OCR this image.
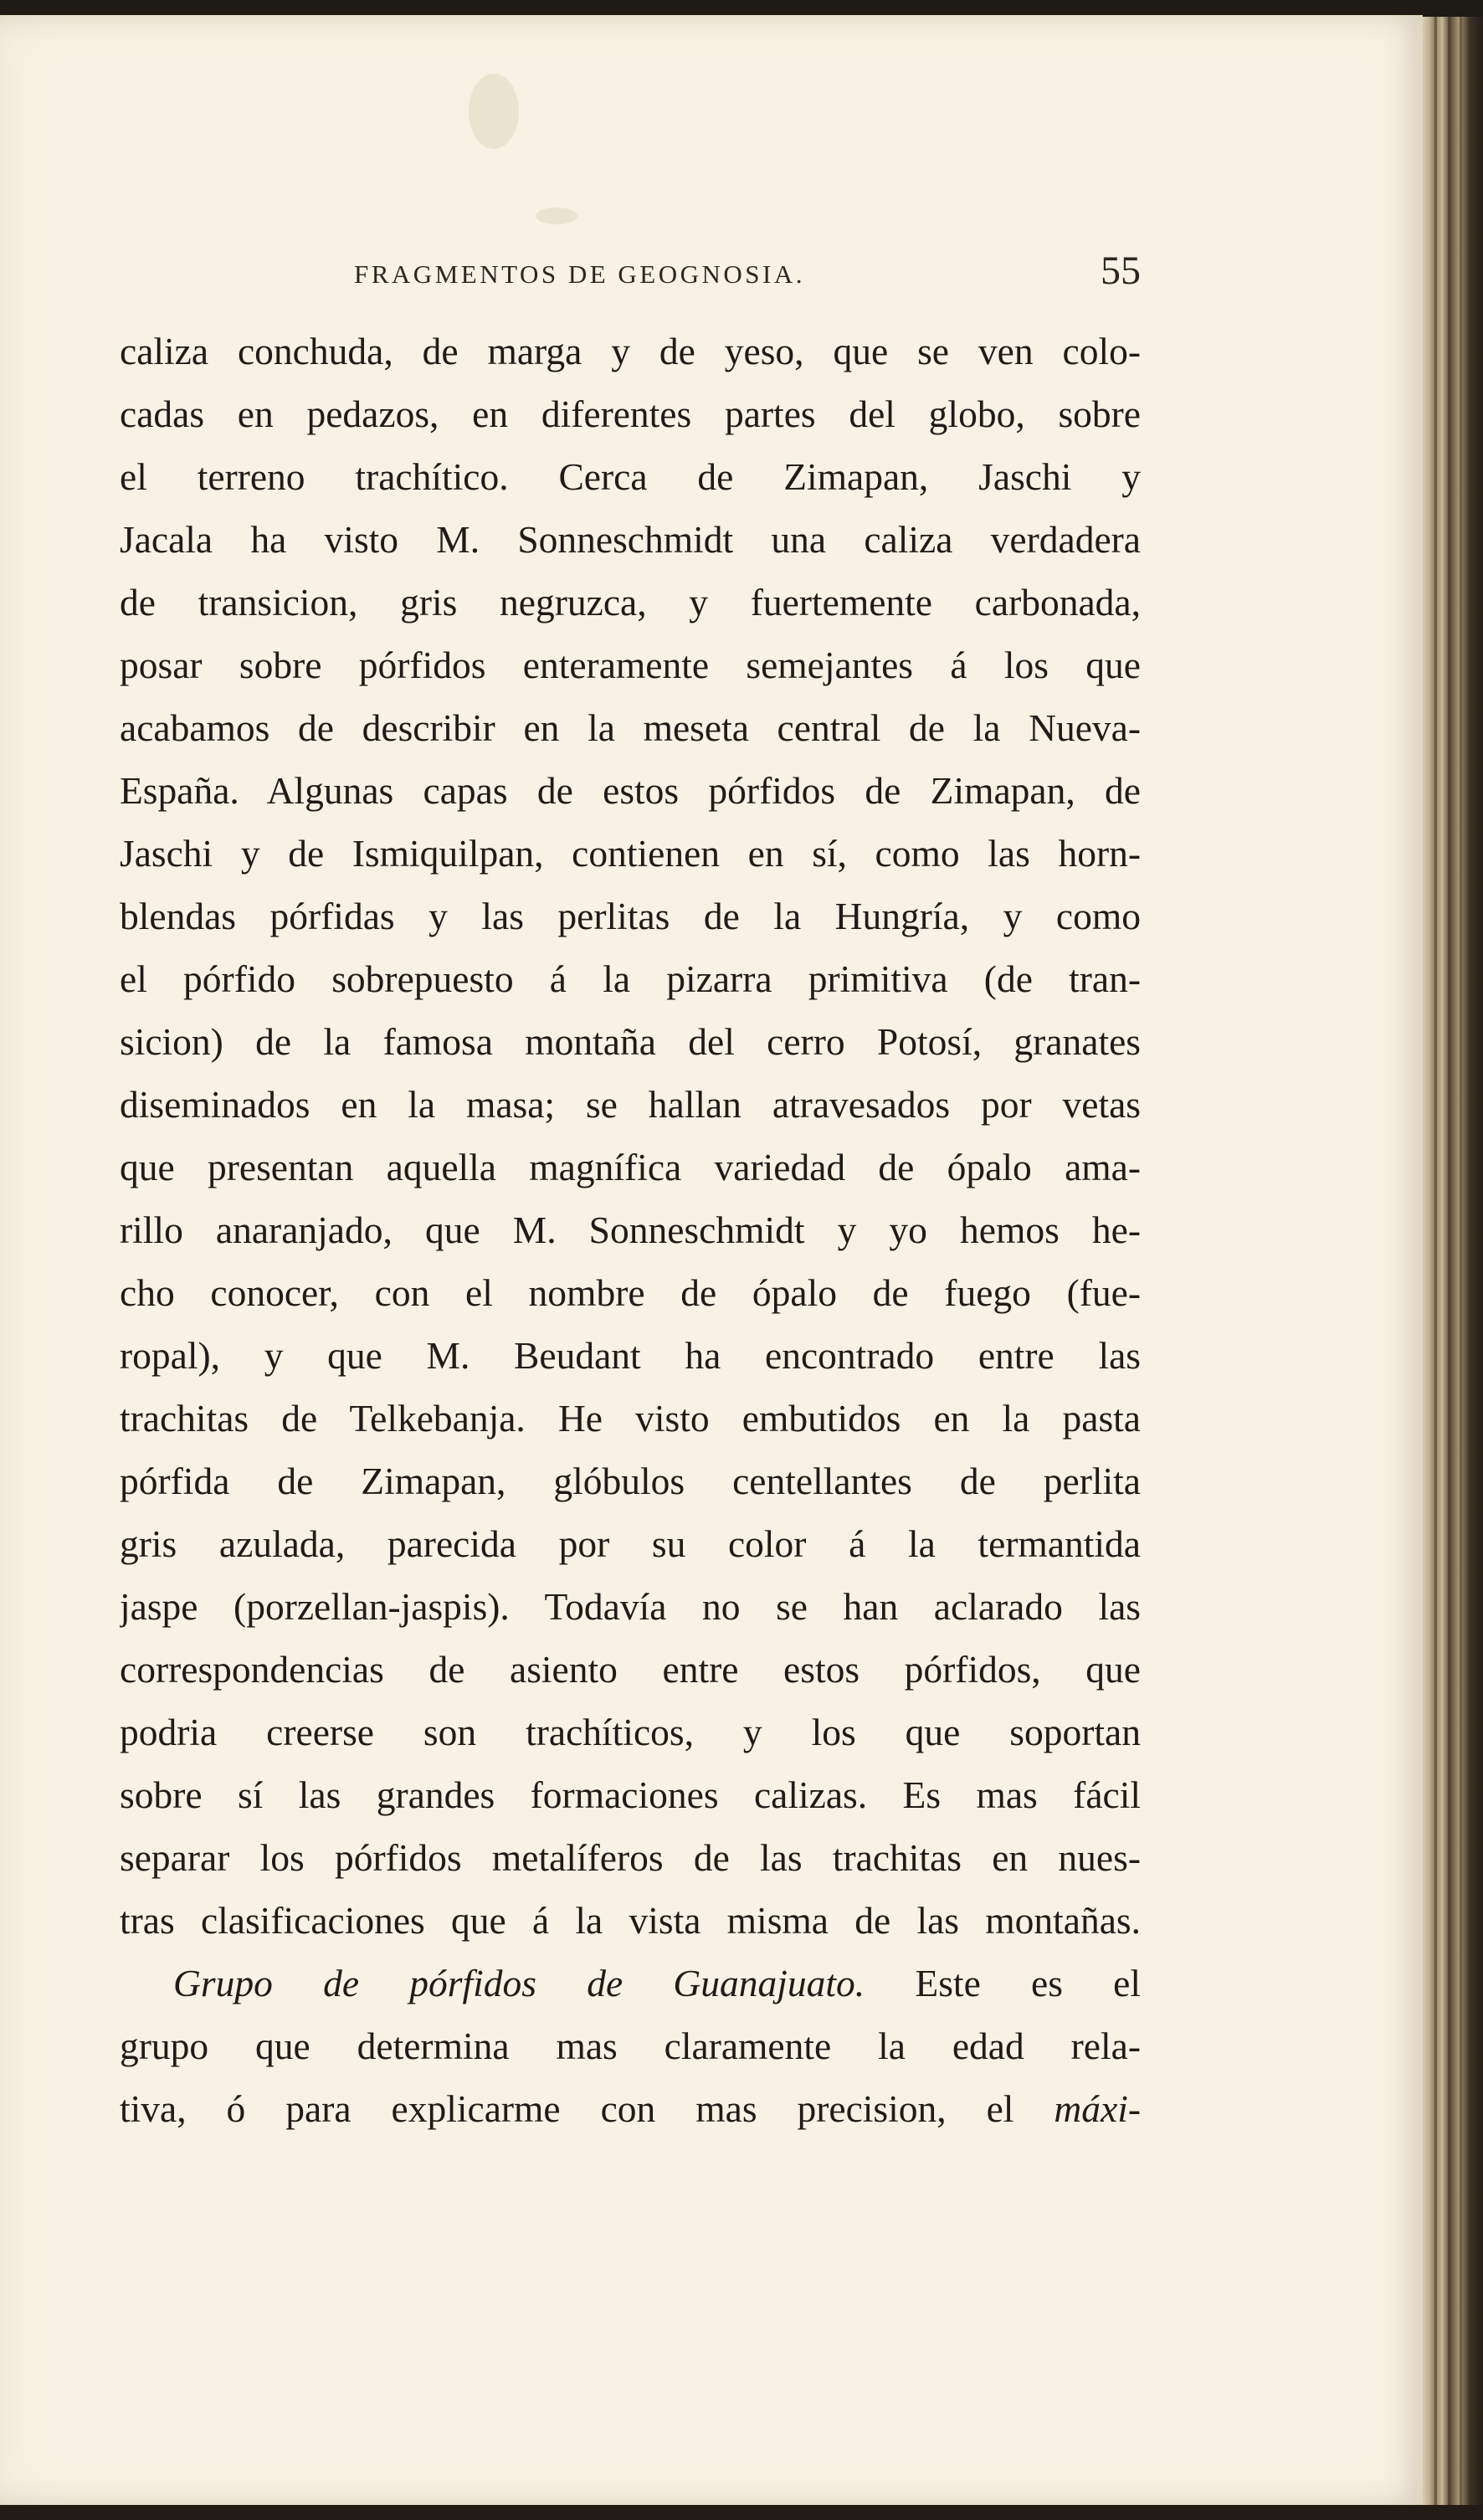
FRAGMENTOS DE GEOGNOSIA.	55
caliza conchuda, de marga y de yeso, que se ven colo-
cadas en pedazos, en diferentes partes del globo, sobre
el terreno trachítico. Cerca de Zimapan, Jaschi y
Jacala ha visto M. Sonneschmidt una caliza verdadera
de transicion, gris negruzca, y fuertemente carbonada,
posar sobre pórfidos enteramente semejantes á los que
acabamos de describir en la meseta central de la Nueva-
España. Algunas capas de estos pórfidos de Zimapan, de
Jaschi y de Ismiquilpan, contienen en sí, como las horn-
blendas pórfidas y las perlitas de la Hungría, y como
el pórfido sobrepuesto á la pizarra primitiva (de tran-
sicion) de la famosa montaña del cerro Potosí, granates
diseminados en la masa; se hallan atravesados por vetas
que presentan aquella magnífica variedad de ópalo ama-
rillo anaranjado, que M. Sonneschmidt y yo hemos he-
cho conocer, con el nombre de ópalo de fuego (fue-
ropal), y que M. Beudant ha encontrado entre las
trachitas de Telkebanja. He visto embutidos en la pasta
pórfida de Zimapan, glóbulos centellantes de perlita
gris azulada, parecida por su color á la termantida
jaspe (porzellan-jaspis). Todavía no se han aclarado las
correspondencias de asiento entre estos pórfidos, que
podria creerse son trachíticos, y los que soportan
sobre sí las grandes formaciones calizas. Es mas fácil
separar los pórfidos metalíferos de las trachitas en nues-
tras clasificaciones que á la vista misma de las montañas.
Grupo de pórfidos de Guanajuato. Este es el
grupo que determina mas claramente la edad rela-
tiva, ó para explicarme con mas precision, el máxi-
